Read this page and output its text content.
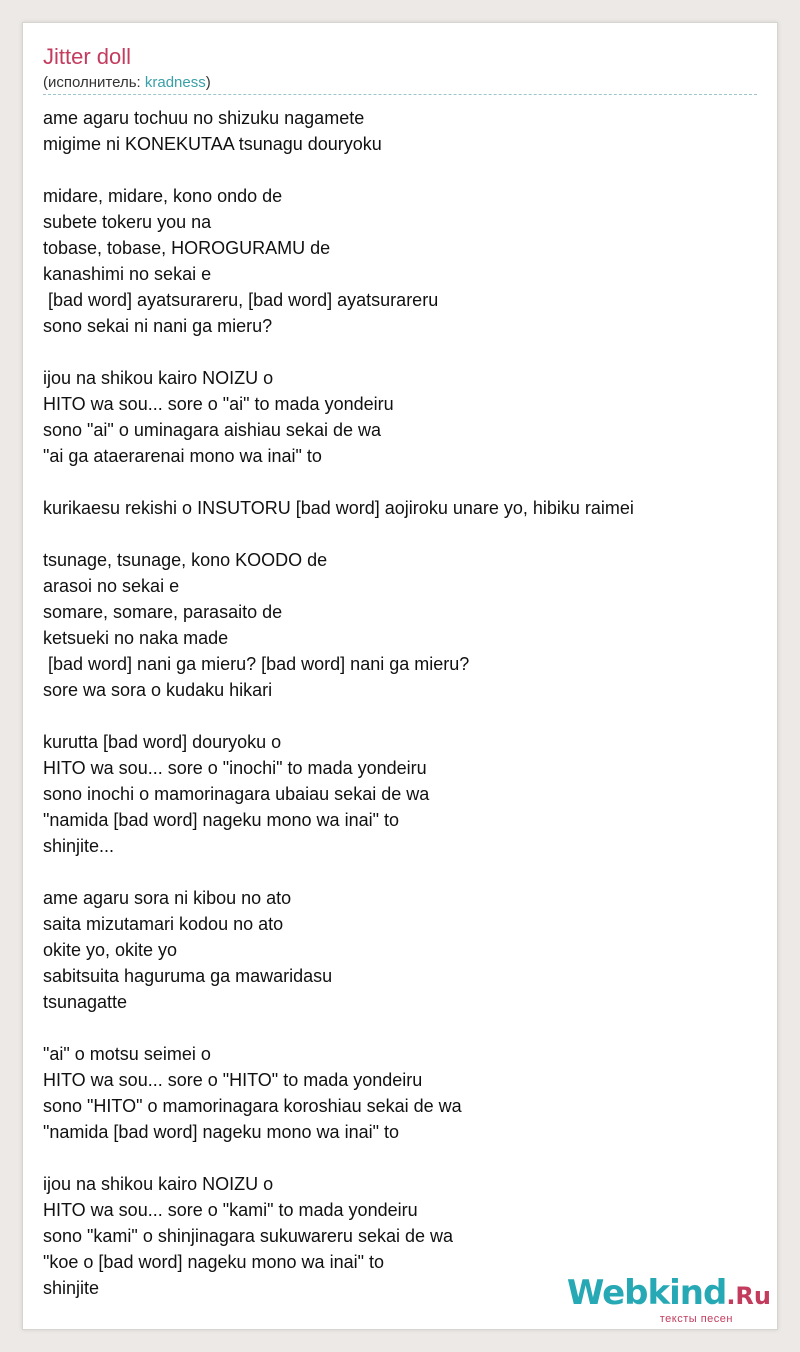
Jitter doll
(исполнитель: kradness)
ame agaru tochuu no shizuku nagamete
migime ni KONEKUTAA tsunagu douryoku
midare, midare, kono ondo de
subete tokeru you na
tobase, tobase, HOROGURAMU de
kanashimi no sekai e
[bad word] ayatsurareru, [bad word] ayatsurareru
sono sekai ni nani ga mieru?
ijou na shikou kairo NOIZU o
HITO wa sou... sore o "ai" to mada yondeiru
sono "ai" o uminagara aishiau sekai de wa
"ai ga ataerarenai mono wa inai" to
kurikaesu rekishi o INSUTORU [bad word] aojiroku unare yo, hibiku raimei
tsunage, tsunage, kono KOODO de
arasoi no sekai e
somare, somare, parasaito de
ketsueki no naka made
[bad word] nani ga mieru? [bad word] nani ga mieru?
sore wa sora o kudaku hikari
kurutta [bad word] douryoku o
HITO wa sou... sore o "inochi" to mada yondeiru
sono inochi o mamorinagara ubaiau sekai de wa
"namida [bad word] nageku mono wa inai" to
shinjite...
ame agaru sora ni kibou no ato
saita mizutamari kodou no ato
okite yo, okite yo
sabitsuita haguruma ga mawaridasu
tsunagatte
"ai" o motsu seimei o
HITO wa sou... sore o "HITO" to mada yondeiru
sono "HITO" o mamorinagara koroshiau sekai de wa
"namida [bad word] nageku mono wa inai" to
ijou na shikou kairo NOIZU o
HITO wa sou... sore o "kami" to mada yondeiru
sono "kami" o shinjinagara sukuwareru sekai de wa
"koe o [bad word] nageku mono wa inai" to
shinjite	Webkind.Ru
тексты песен
